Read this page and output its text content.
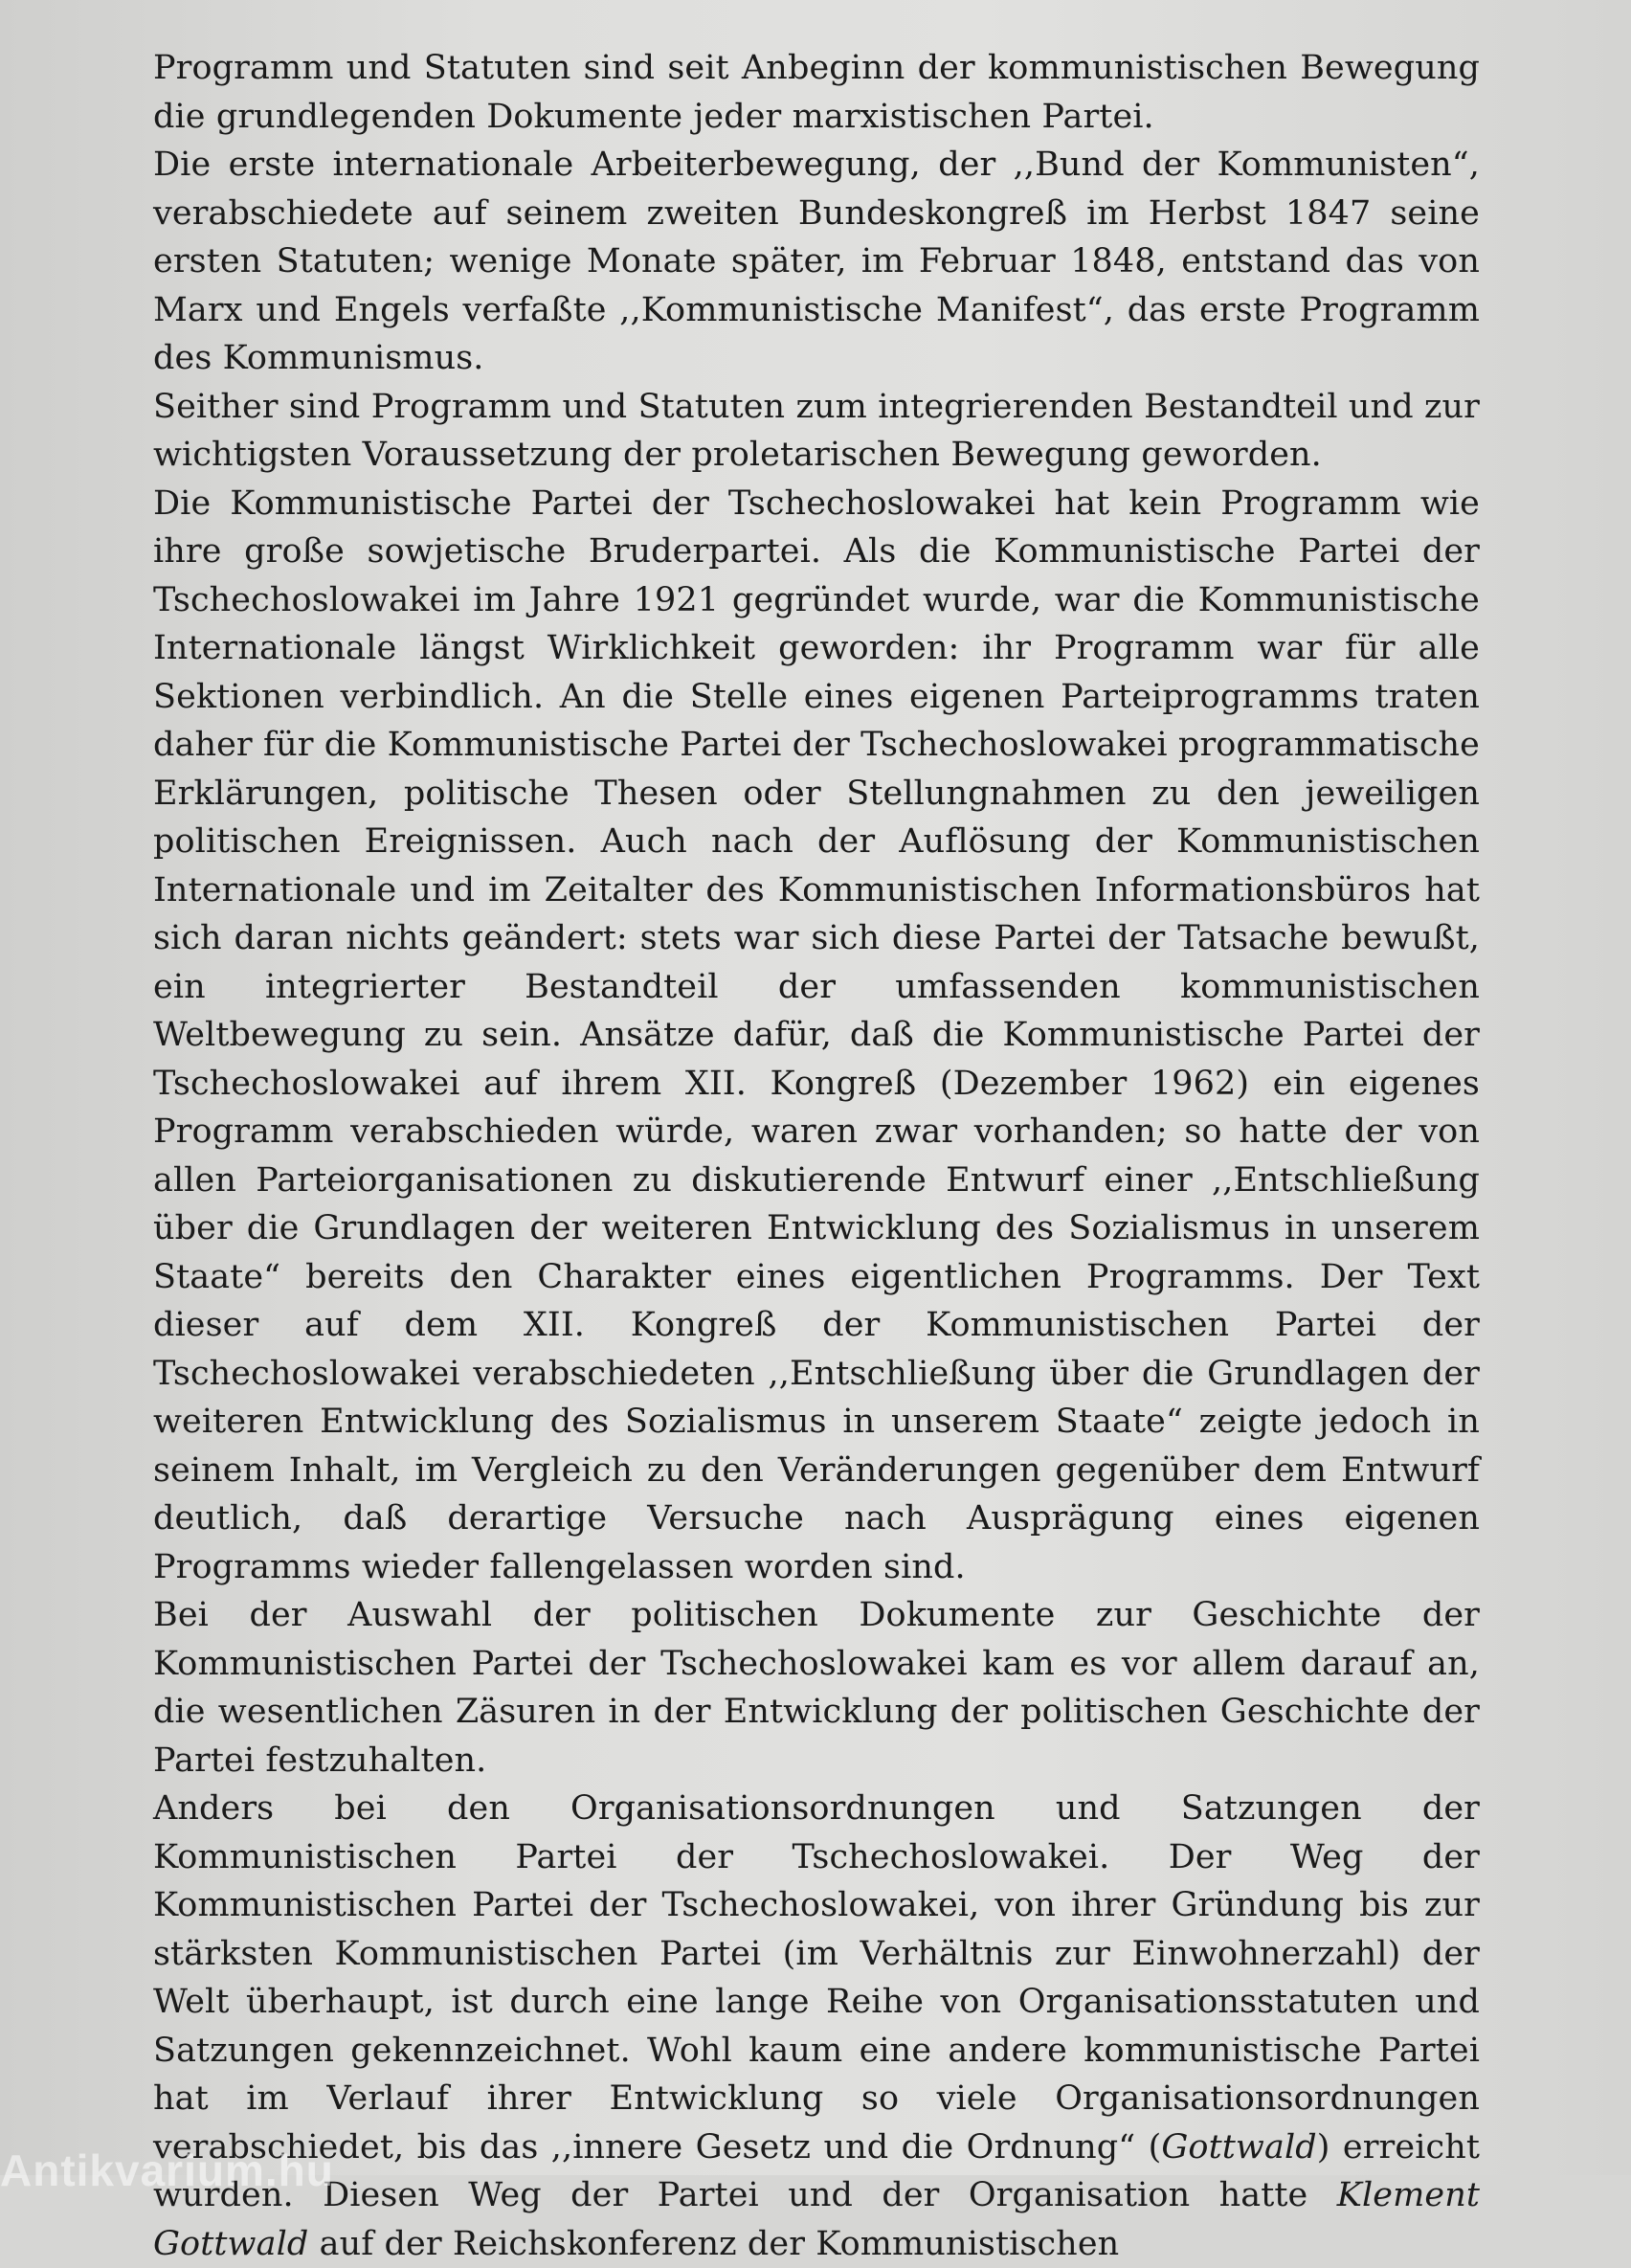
Programm und Statuten sind seit Anbeginn der kommunistischen Bewegung die grundlegenden Dokumente jeder marxistischen Partei.

Die erste internationale Arbeiterbewegung, der ,,Bund der Kommunisten“, verabschiedete auf seinem zweiten Bundeskongreß im Herbst 1847 seine ersten Statuten; wenige Monate später, im Februar 1848, entstand das von Marx und Engels verfaßte ,,Kommunistische Manifest“, das erste Programm des Kommunismus.

Seither sind Programm und Statuten zum integrierenden Bestandteil und zur wichtigsten Voraussetzung der proletarischen Bewegung geworden.

Die Kommunistische Partei der Tschechoslowakei hat kein Programm wie ihre große sowjetische Bruderpartei. Als die Kommunistische Partei der Tschechoslowakei im Jahre 1921 gegründet wurde, war die Kommunistische Internationale längst Wirklichkeit geworden: ihr Programm war für alle Sektionen verbindlich. An die Stelle eines eigenen Parteiprogramms traten daher für die Kommunistische Partei der Tschechoslowakei programmatische Erklärungen, politische Thesen oder Stellungnahmen zu den jeweiligen politischen Ereignissen. Auch nach der Auflösung der Kommunistischen Internationale und im Zeitalter des Kommunistischen Informationsbüros hat sich daran nichts geändert: stets war sich diese Partei der Tatsache bewußt, ein integrierter Bestandteil der umfassenden kommunistischen Weltbewegung zu sein. Ansätze dafür, daß die Kommunistische Partei der Tschechoslowakei auf ihrem XII. Kongreß (Dezember 1962) ein eigenes Programm verabschieden würde, waren zwar vorhanden; so hatte der von allen Parteiorganisationen zu diskutierende Entwurf einer ,,Entschließung über die Grundlagen der weiteren Entwicklung des Sozialismus in unserem Staate“ bereits den Charakter eines eigentlichen Programms. Der Text dieser auf dem XII. Kongreß der Kommunistischen Partei der Tschechoslowakei verabschiedeten ,,Entschließung über die Grundlagen der weiteren Entwicklung des Sozialismus in unserem Staate“ zeigte jedoch in seinem Inhalt, im Vergleich zu den Veränderungen gegenüber dem Entwurf deutlich, daß derartige Versuche nach Ausprägung eines eigenen Programms wieder fallengelassen worden sind.

Bei der Auswahl der politischen Dokumente zur Geschichte der Kommunistischen Partei der Tschechoslowakei kam es vor allem darauf an, die wesentlichen Zäsuren in der Entwicklung der politischen Geschichte der Partei festzuhalten.

Anders bei den Organisationsordnungen und Satzungen der Kommunistischen Partei der Tschechoslowakei. Der Weg der Kommunistischen Partei der Tschechoslowakei, von ihrer Gründung bis zur stärksten Kommunistischen Partei (im Verhältnis zur Einwohnerzahl) der Welt überhaupt, ist durch eine lange Reihe von Organisationsstatuten und Satzungen gekennzeichnet. Wohl kaum eine andere kommunistische Partei hat im Verlauf ihrer Entwicklung so viele Organisationsordnungen verabschiedet, bis das ,,innere Gesetz und die Ordnung“ (Gottwald) erreicht wurden. Diesen Weg der Partei und der Organisation hatte Klement Gottwald auf der Reichskonferenz der Kommunistischen

Antikvarium.hu
